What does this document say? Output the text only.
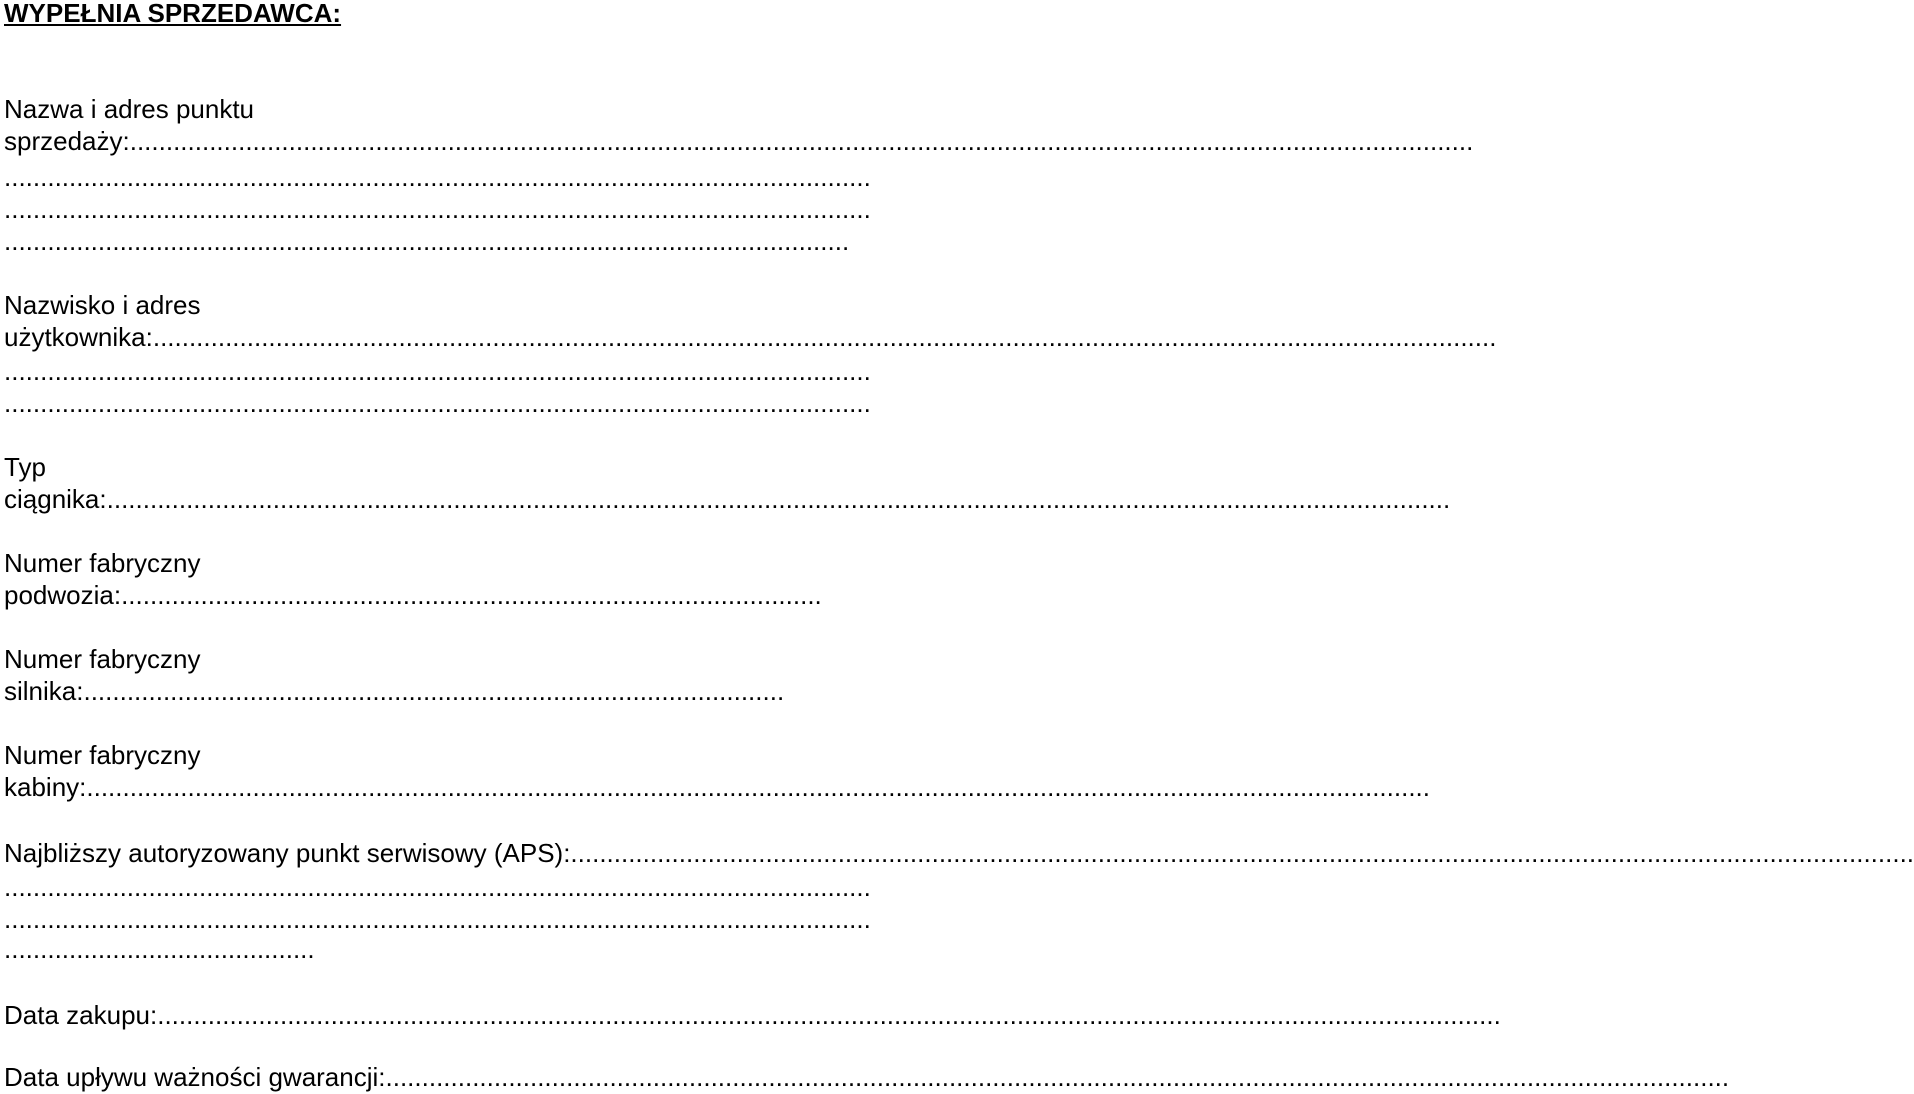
WYPEŁNIA SPRZEDAWCA:
Nazwa i adres punktu
sprzedaży:..........................................................................................................................................................................................
........................................................................................................................
........................................................................................................................
.....................................................................................................................
Nazwisko i adres
użytkownika:..........................................................................................................................................................................................
........................................................................................................................
........................................................................................................................
Typ
ciągnika:..........................................................................................................................................................................................
Numer fabryczny
podwozia:.................................................................................................
Numer fabryczny
silnika:.................................................................................................
Numer fabryczny
kabiny:..........................................................................................................................................................................................
Najbliższy autoryzowany punkt serwisowy (APS):..........................................................................................................................................................................................
........................................................................................................................
........................................................................................................................
...........................................
Data zakupu:..........................................................................................................................................................................................
Data upływu ważności gwarancji:..........................................................................................................................................................................................
